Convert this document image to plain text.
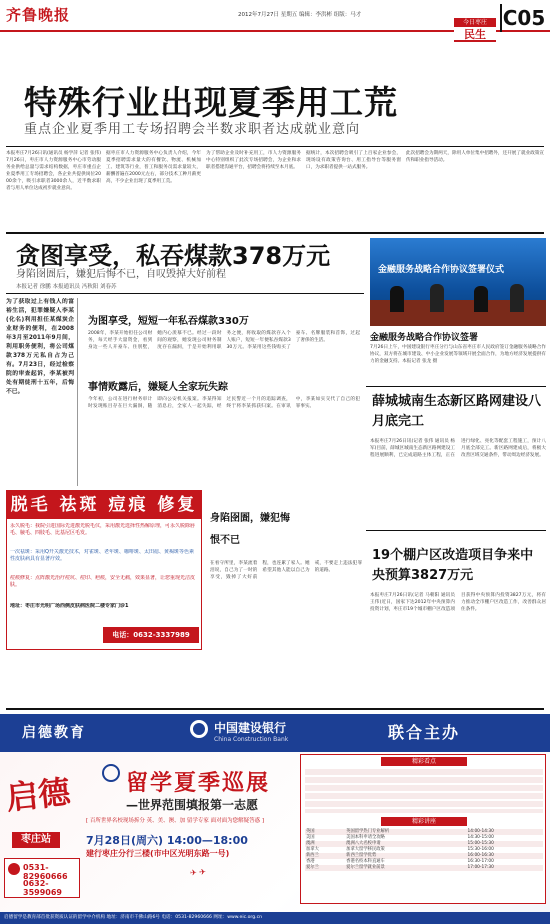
齐鲁晚报	2012年7月27日 星期五 编辑：李洪彬 组版：马才	C05
今日枣庄
民生
特殊行业出现夏季用工荒
重点企业夏季用工专场招聘会半数求职者达成就业意向
本报枣庄7月26日讯(通讯员 杨学萍 记者 张伟)7月26日，枣庄市人力资源服务中心市劳动服务业供给总量与需求结构数据，枣庄市重点企业夏季用工专场招聘会，各企业共提供岗位2000余个，吸引求职者3000余人，近半数求职者与用人单位达成初步就业意向。
据枣庄市人力资源服务中心负责人介绍，今年夏季招聘需求量大的有餐饮、物流、机械加工、建筑等行业，普工和服务员需求量较大，薪酬普遍在2000元左右，部分技术工种月薪更高，不少企业出现了夏季用工荒。
为了帮助企业及时补充用工，市人力资源服务中心特别组织了此次专场招聘会，为企业和求职者搭建沟通平台，招聘会将持续至本月底。
据统计，本次招聘会吸引了上百家企业参会，现场设有政策咨询台、用工指导台等服务窗口，为求职者提供一站式服务。
此次招聘会为期两天，除用人单位集中招聘外，还开展了就业政策宣传和职业指导活动。
贪图享受，私吞煤款378万元
身陷囹圄后，嫌犯后悔不已，自叹毁掉大好前程
本报记者 徐鹏 本报通讯员 冯秋阳 刘春苏
为了获取过上有钱人的富裕生活，犯罪嫌疑人李某(化名)利用担任某煤炭企业财务的便利，在2008年3月至2011年9月间，利用职务便利，将公司煤款378万元私自占为己有。7月23日，经过检察院的审查起诉，李某被判处有期徒刑十五年，后悔不已。
为图享受，短短一年私吞煤款330万
2008年，李某开始担任公司财务，每天经手大量资金，看到身边一些人开豪车、住别墅，她内心羡慕不已。经过一段时间的观察，她发现公司财务制度存在漏洞，于是开始利用职务之便，将收取的煤款存入个人账户，短短一年便私吞煤款330万元。李某用这些钱购买了豪车、名牌服装和首饰，过起了奢侈的生活。
事情败露后，嫌疑人全家玩失踪
今年初，公司在进行财务审计时发现账目存在巨大漏洞，随即向公安机关报案。李某得知消息后，全家人一起失踪，经过民警近一个月的追踪调查，终于将李某抓获归案。在审讯中，李某如实交代了自己的犯罪事实。
身陷囹圄，嫌犯悔恨不已
在看守所里，李某流着泪说，自己为了一时的享受，毁掉了大好前程，也连累了家人。她希望其他人能以自己为戒，不要走上违法犯罪的道路。
金融服务战略合作协议签署仪式
金融服务战略合作协议签署
7月26日上午，中国建设银行枣庄分行与山东省枣庄市人民政府签订金融服务战略合作协议，双方将在城市建设、中小企业发展等领域开展全面合作，为地方经济发展提供有力的金融支持。本报记者 张龙 摄
薛城城南生态新区路网建设八月底完工
本报枣庄7月26日讯(记者 张伟 通讯员 杨军)目前，薛城区城南生态新区路网建设工程进展顺利，已完成道路主体工程，正在进行绿化、亮化等配套工程施工，预计八月底全部完工。新区路网建成后，将极大改善区域交通条件，带动周边经济发展。
19个棚户区改造项目争来中央预算3827万元
本报枣庄7月26日讯(记者 马朝阳 通讯员 王伟)近日，国家下达2012年中央预算内投资计划，枣庄市19个城市棚户区改造项目获得中央预算内投资3827万元，将有力推动全市棚户区改造工作，改善群众居住条件。
脱毛 祛斑 痘痕 修复
永久脱毛：我院引进国际先进激光脱毛仪，采用激光选择性热解原理，可永久脱除唇毛、腋毛、四肢毛、比基尼区毛发。
一次祛斑：采用Q开关激光技术，对雀斑、老年斑、咖啡斑、太田痣、黄褐斑等色素性皮肤病具有显著疗效。
痘痕修复：点阵激光治疗痘坑、痘印、疤痕，安全无痛，效果显著，让您重现光洁皮肤。
地址：枣庄市光明广场西侧皮肤病医院二楼专家门诊1
电话：0632-3337989
启德教育	中国建设银行
China Construction Bank	联合主办
启德 留学夏季巡展
—世界范围填报第一志愿
[ 百所世界名校现场拆分 英、美、澳、加 留学专家 面对面为您解疑答惑 ]
枣庄站	7月28日(周六) 14:00—18:00
建行枣庄分行三楼(市中区光明东路一号)
0531-82960666
0632-3599069
✈ ✈
精彩看点
精彩讲座
英国	英国留学热门专业解析	14:00-14:30
美国	美国本科申请全攻略	14:30-15:00
澳洲	澳洲八大名校申请	15:00-15:30
加拿大	加拿大留学移民政策	15:30-16:00
新西兰	新西兰留学优势	16:00-16:30
香港	香港名校本科直通车	16:30-17:00
爱尔兰	爱尔兰留学就业前景	17:00-17:30
启德留学是教育部首批获资质认证的留学中介机构 地址：济南市千佛山路6号 电话：0531-82960666 网址：www.eic.org.cn
